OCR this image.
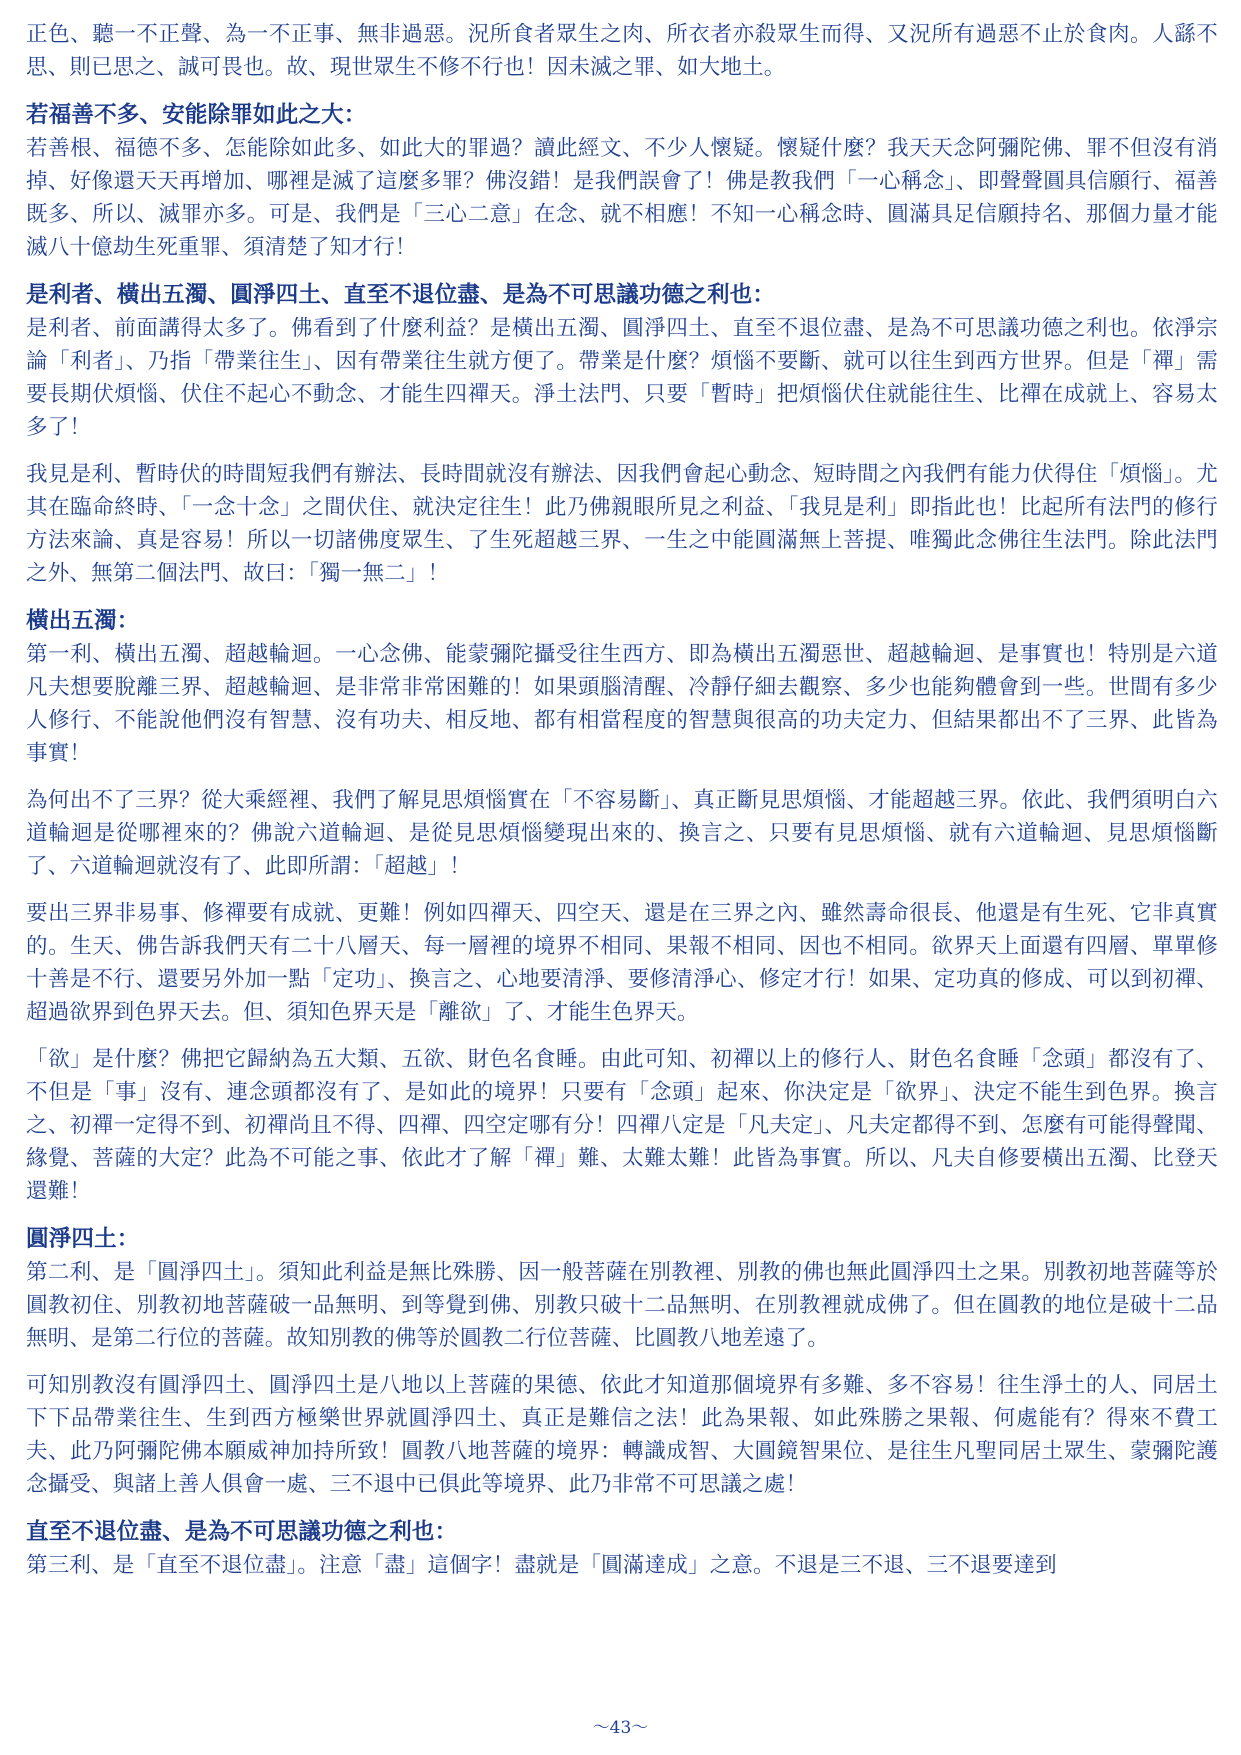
正色、聽一不正聲、為一不正事、無非過惡。況所食者眾生之肉、所衣者亦殺眾生而得、又況所有過惡不止於食肉。人繇不思、則已思之、誠可畏也。故、現世眾生不修不行也！因未滅之罪、如大地土。

若福善不多、安能除罪如此之大：

若善根、福德不多、怎能除如此多、如此大的罪過？讀此經文、不少人懷疑。懷疑什麼？我天天念阿彌陀佛、罪不但沒有消掉、好像還天天再增加、哪裡是滅了這麼多罪？佛沒錯！是我們誤會了！佛是教我們「一心稱念」、即聲聲圓具信願行、福善既多、所以、滅罪亦多。可是、我們是「三心二意」在念、就不相應！不知一心稱念時、圓滿具足信願持名、那個力量才能滅八十億劫生死重罪、須清楚了知才行！

是利者、橫出五濁、圓淨四土、直至不退位盡、是為不可思議功德之利也：

是利者、前面講得太多了。佛看到了什麼利益？是橫出五濁、圓淨四土、直至不退位盡、是為不可思議功德之利也。依淨宗論「利者」、乃指「帶業往生」、因有帶業往生就方便了。帶業是什麼？煩惱不要斷、就可以往生到西方世界。但是「禪」需要長期伏煩惱、伏住不起心不動念、才能生四禪天。淨土法門、只要「暫時」把煩惱伏住就能往生、比禪在成就上、容易太多了！

我見是利、暫時伏的時間短我們有辦法、長時間就沒有辦法、因我們會起心動念、短時間之內我們有能力伏得住「煩惱」。尤其在臨命終時、「一念十念」之間伏住、就決定往生！此乃佛親眼所見之利益、「我見是利」即指此也！比起所有法門的修行方法來論、真是容易！所以一切諸佛度眾生、了生死超越三界、一生之中能圓滿無上菩提、唯獨此念佛往生法門。除此法門之外、無第二個法門、故曰：「獨一無二」！

橫出五濁：

第一利、橫出五濁、超越輪迴。一心念佛、能蒙彌陀攝受往生西方、即為橫出五濁惡世、超越輪迴、是事實也！特別是六道凡夫想要脫離三界、超越輪迴、是非常非常困難的！如果頭腦清醒、冷靜仔細去觀察、多少也能夠體會到一些。世間有多少人修行、不能說他們沒有智慧、沒有功夫、相反地、都有相當程度的智慧與很高的功夫定力、但結果都出不了三界、此皆為事實！

為何出不了三界？從大乘經裡、我們了解見思煩惱實在「不容易斷」、真正斷見思煩惱、才能超越三界。依此、我們須明白六道輪迴是從哪裡來的？佛說六道輪迴、是從見思煩惱變現出來的、換言之、只要有見思煩惱、就有六道輪迴、見思煩惱斷了、六道輪迴就沒有了、此即所謂：「超越」！

要出三界非易事、修禪要有成就、更難！例如四禪天、四空天、還是在三界之內、雖然壽命很長、他還是有生死、它非真實的。生天、佛告訴我們天有二十八層天、每一層裡的境界不相同、果報不相同、因也不相同。欲界天上面還有四層、單單修十善是不行、還要另外加一點「定功」、換言之、心地要清淨、要修清淨心、修定才行！如果、定功真的修成、可以到初禪、超過欲界到色界天去。但、須知色界天是「離欲」了、才能生色界天。

「欲」是什麼？佛把它歸納為五大類、五欲、財色名食睡。由此可知、初禪以上的修行人、財色名食睡「念頭」都沒有了、不但是「事」沒有、連念頭都沒有了、是如此的境界！只要有「念頭」起來、你決定是「欲界」、決定不能生到色界。換言之、初禪一定得不到、初禪尚且不得、四禪、四空定哪有分！四禪八定是「凡夫定」、凡夫定都得不到、怎麼有可能得聲聞、緣覺、菩薩的大定？此為不可能之事、依此才了解「禪」難、太難太難！此皆為事實。所以、凡夫自修要橫出五濁、比登天還難！

圓淨四土：

第二利、是「圓淨四土」。須知此利益是無比殊勝、因一般菩薩在別教裡、別教的佛也無此圓淨四土之果。別教初地菩薩等於圓教初住、別教初地菩薩破一品無明、到等覺到佛、別教只破十二品無明、在別教裡就成佛了。但在圓教的地位是破十二品無明、是第二行位的菩薩。故知別教的佛等於圓教二行位菩薩、比圓教八地差遠了。

可知別教沒有圓淨四土、圓淨四土是八地以上菩薩的果德、依此才知道那個境界有多難、多不容易！往生淨土的人、同居土下下品帶業往生、生到西方極樂世界就圓淨四土、真正是難信之法！此為果報、如此殊勝之果報、何處能有？得來不費工夫、此乃阿彌陀佛本願威神加持所致！圓教八地菩薩的境界：轉識成智、大圓鏡智果位、是往生凡聖同居土眾生、蒙彌陀護念攝受、與諸上善人俱會一處、三不退中已俱此等境界、此乃非常不可思議之處！

直至不退位盡、是為不可思議功德之利也：

第三利、是「直至不退位盡」。注意「盡」這個字！盡就是「圓滿達成」之意。不退是三不退、三不退要達到

～43～
